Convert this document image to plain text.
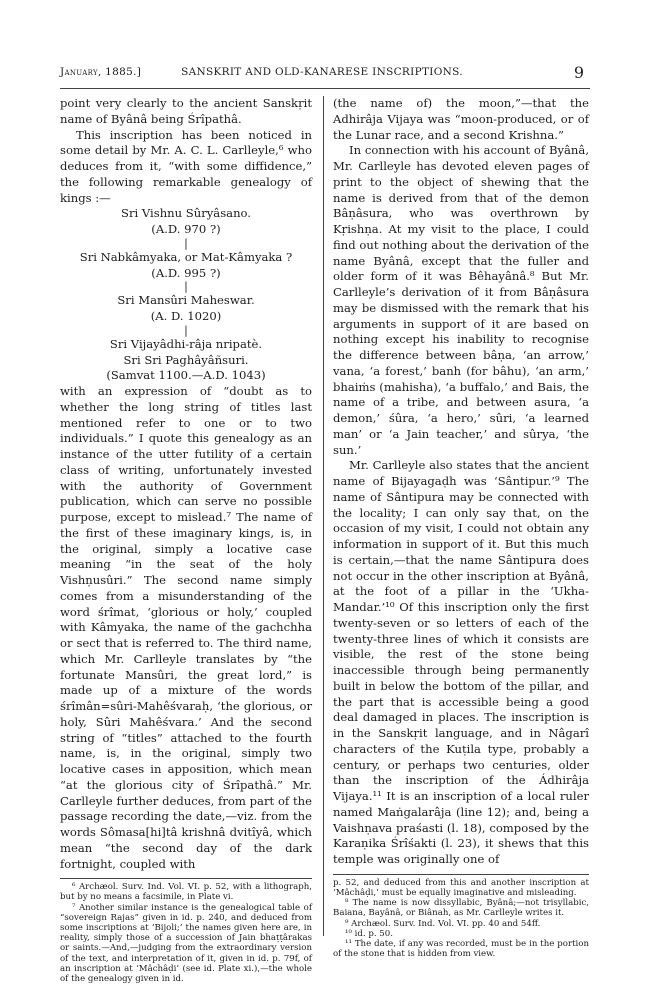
January, 1885.]	SANSKRIT AND OLD-KANARESE INSCRIPTIONS.	9

point very clearly to the ancient Sanskṛit name of Byânâ being Śrîpathâ.

This inscription has been noticed in some detail by Mr. A. C. L. Carlleyle,⁶ who deduces from it, “with some diffidence,” the following remarkable genealogy of kings :—

Sri Vishnu Sûryâsano.

(A.D. 970 ?)

|

Sri Nabkâmyaka, or Mat-Kâmyaka ?

(A.D. 995 ?)

|

Sri Mansûri Maheswar.

(A. D. 1020)

|

Sri Vijayâdhi-râja nripatè.

Sri Sri Paghâyâñsuri.

(Samvat 1100.—A.D. 1043)

with an expression of “doubt as to whether the long string of titles last mentioned refer to one or to two individuals.” I quote this genealogy as an instance of the utter futility of a certain class of writing, unfortunately invested with the authority of Government publication, which can serve no possible purpose, except to mislead.⁷ The name of the first of these imaginary kings, is, in the original, simply a locative case meaning “in the seat of the holy Vishṇusûri.” The second name simply comes from a misunderstanding of the word śrîmat, ‘glorious or holy,’ coupled with Kâmyaka, the name of the gachchha or sect that is referred to. The third name, which Mr. Carlleyle translates by “the fortunate Mansûri, the great lord,” is made up of a mixture of the words śrîmân=sûri-Mahêśvaraḥ, ‘the glorious, or holy, Sûri Mahêśvara.’ And the second string of “titles” attached to the fourth name, is, in the original, simply two locative cases in apposition, which mean “at the glorious city of Śrîpathâ.” Mr. Carlleyle further deduces, from part of the passage recording the date,—viz. from the words Sômasa[hi]tâ krishnâ dvitîyâ, which mean “the second day of the dark fortnight, coupled with

⁶ Archæol. Surv. Ind. Vol. VI. p. 52, with a lithograph, but by no means a facsimile, in Plate vi.

⁷ Another similar instance is the genealogical table of “sovereign Rajas” given in id. p. 240, and deduced from some inscriptions at ‘Bijoli;’ the names given here are, in reality, simply those of a succession of Jain bhaṭṭârakas or saints.—And,—judging from the extraordinary version of the text, and interpretation of it, given in id. p. 79f, of an inscription at ‘Mâchâḍi’ (see id. Plate xi.),—the whole of the genealogy given in id.

(the name of) the moon,”—that the Adhirâja Vijaya was “moon-produced, or of the Lunar race, and a second Krishna.”

In connection with his account of Byânâ, Mr. Carlleyle has devoted eleven pages of print to the object of shewing that the name is derived from that of the demon Bâṇâsura, who was overthrown by Kṛishṇa. At my visit to the place, I could find out nothing about the derivation of the name Byânâ, except that the fuller and older form of it was Bêhayânâ.⁸ But Mr. Carlleyle’s derivation of it from Bâṇâsura may be dismissed with the remark that his arguments in support of it are based on nothing except his inability to recognise the difference between bâṇa, ‘an arrow,’ vana, ‘a forest,’ banh (for bâhu), ‘an arm,’ bhaiṁs (mahisha), ‘a buffalo,’ and Bais, the name of a tribe, and between asura, ‘a demon,’ śûra, ‘a hero,’ sûri, ‘a learned man’ or ‘a Jain teacher,’ and sûrya, ‘the sun.’

Mr. Carlleyle also states that the ancient name of Bijayagaḍh was ‘Sântipur.’⁹ The name of Sântipura may be connected with the locality; I can only say that, on the occasion of my visit, I could not obtain any information in support of it. But this much is certain,—that the name Sântipura does not occur in the other inscription at Byânâ, at the foot of a pillar in the ‘Ukha-Mandar.’¹⁰ Of this inscription only the first twenty-seven or so letters of each of the twenty-three lines of which it consists are visible, the rest of the stone being inaccessible through being permanently built in below the bottom of the pillar, and the part that is accessible being a good deal damaged in places. The inscription is in the Sanskṛit language, and in Nâgarî characters of the Kuṭila type, probably a century, or perhaps two centuries, older than the inscription of the Ádhirâja Vijaya.¹¹ It is an inscription of a local ruler named Maṅgalarâja (line 12); and, being a Vaishṇava praśasti (l. 18), composed by the Karaṇika Śrîśakti (l. 23), it shews that this temple was originally one of

p. 52, and deduced from this and another inscription at ‘Mâchâḍi,’ must be equally imaginative and misleading.

⁸ The name is now dissyllabic, Byânâ;—not trisyllabic, Baiana, Bayânâ, or Biânah, as Mr. Carlleyle writes it.

⁹ Archæol. Surv. Ind. Vol. VI. pp. 40 and 54ff.

¹⁰ id. p. 50.

¹¹ The date, if any was recorded, must be in the portion of the stone that is hidden from view.
